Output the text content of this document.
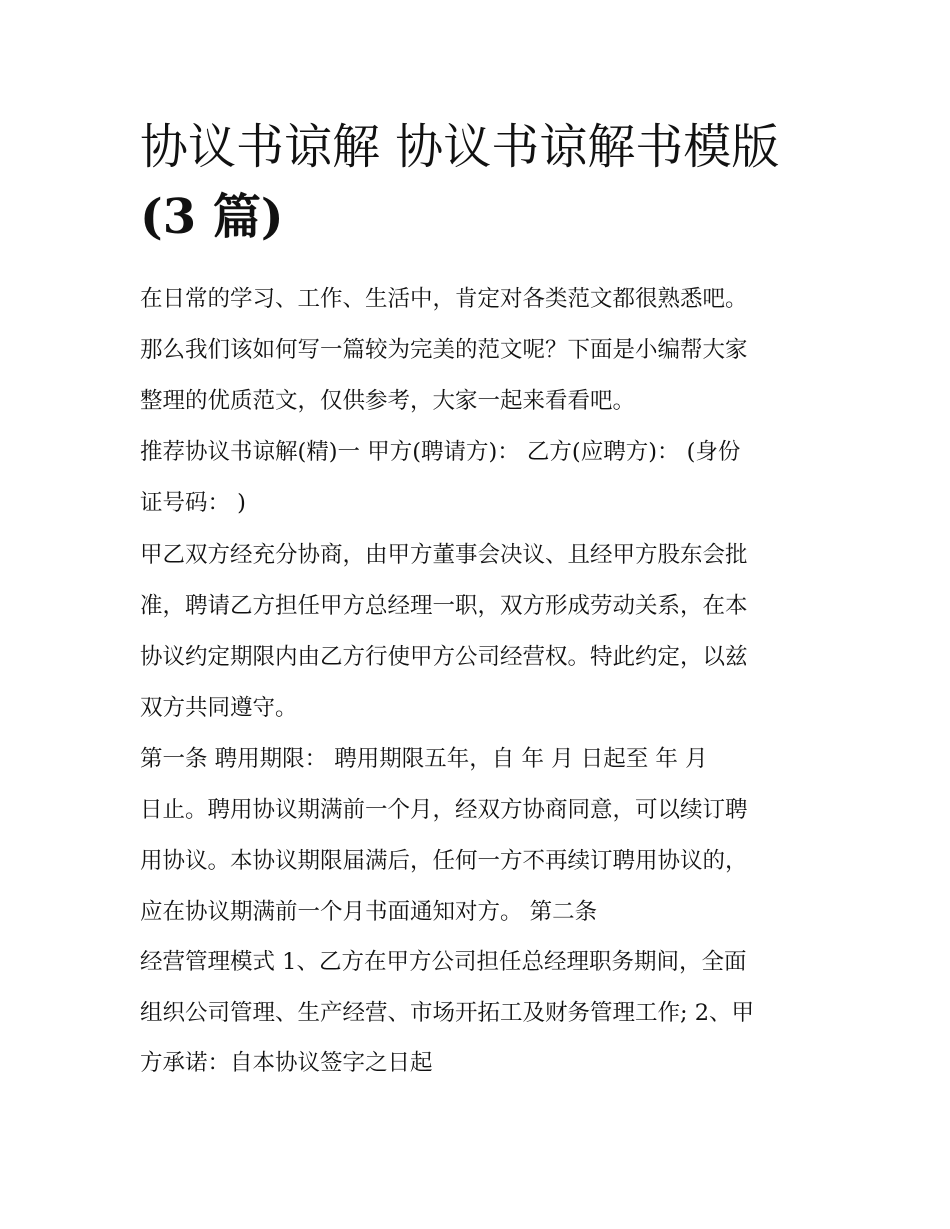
协议书谅解 协议书谅解书模版
(3 篇)
在日常的学习、工作、生活中，肯定对各类范文都很熟悉吧。
那么我们该如何写一篇较为完美的范文呢？下面是小编帮大家
整理的优质范文，仅供参考，大家一起来看看吧。
推荐协议书谅解(精)一 甲方(聘请方)： 乙方(应聘方)： (身份
证号码： )
甲乙双方经充分协商，由甲方董事会决议、且经甲方股东会批
准，聘请乙方担任甲方总经理一职，双方形成劳动关系，在本
协议约定期限内由乙方行使甲方公司经营权。特此约定，以兹
双方共同遵守。
第一条 聘用期限： 聘用期限五年，自 年 月 日起至 年 月
日止。聘用协议期满前一个月，经双方协商同意，可以续订聘
用协议。本协议期限届满后，任何一方不再续订聘用协议的，
应在协议期满前一个月书面通知对方。 第二条
经营管理模式 1、乙方在甲方公司担任总经理职务期间，全面
组织公司管理、生产经营、市场开拓工及财务管理工作; 2、甲
方承诺：自本协议签字之日起
